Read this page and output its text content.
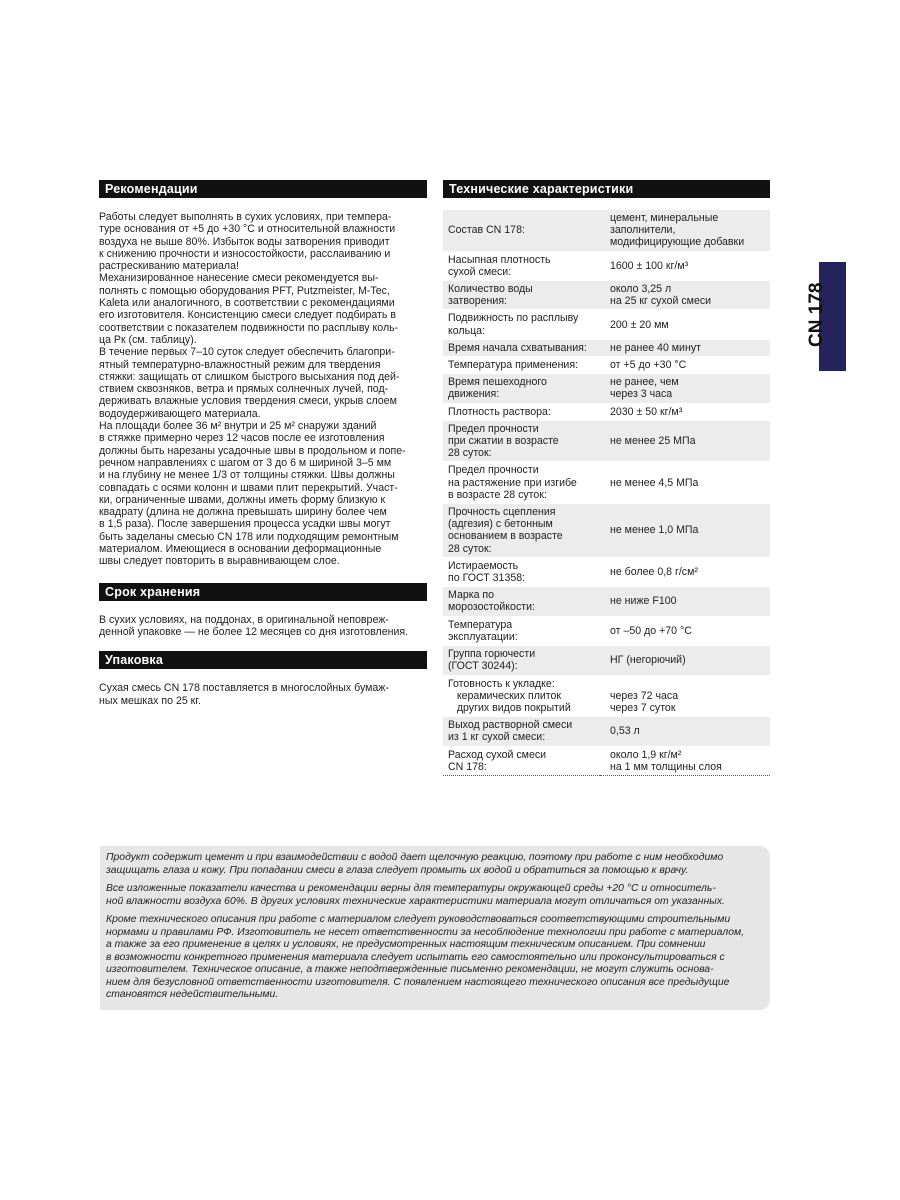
CN 178
Рекомендации

Работы следует выполнять в сухих условиях, при темпера-
туре основания от +5 до +30 °С и относительной влажности
воздуха не выше 80%. Избыток воды затворения приводит
к снижению прочности и износостойкости, расслаиванию и
растрескиванию материала!

Механизированное нанесение смеси рекомендуется вы-
полнять с помощью оборудования PFT, Putzmeister, M-Tec,
Kaleta или аналогичного, в соответствии с рекомендациями
его изготовителя. Консистенцию смеси следует подбирать в
соответствии с показателем подвижности по расплыву коль-
ца Рк (см. таблицу).

В течение первых 7–10 суток следует обеспечить благопри-
ятный температурно-влажностный режим для твердения
стяжки: защищать от слишком быстрого высыхания под дей-
ствием сквозняков, ветра и прямых солнечных лучей, под-
держивать влажные условия твердения смеси, укрыв слоем
водоудерживающего материала.

На площади более 36 м² внутри и 25 м² снаружи зданий
в стяжке примерно через 12 часов после ее изготовления
должны быть нарезаны усадочные швы в продольном и попе-
речном направлениях с шагом от 3 до 6 м шириной 3–5 мм
и на глубину не менее 1/3 от толщины стяжки. Швы должны
совпадать с осями колонн и швами плит перекрытий. Участ-
ки, ограниченные швами, должны иметь форму близкую к
квадрату (длина не должна превышать ширину более чем
в 1,5 раза). После завершения процесса усадки швы могут
быть заделаны смесью CN 178 или подходящим ремонтным
материалом. Имеющиеся в основании деформационные
швы следует повторить в выравнивающем слое.

Срок хранения
В сухих условиях, на поддонах, в оригинальной неповреж-
денной упаковке — не более 12 месяцев со дня изготовления.
Упаковка
Сухая смесь CN 178 поставляется в многослойных бумаж-
ных мешках по 25 кг.
Технические характеристики
Состав CN 178:	цемент, минеральные
заполнители,
модифицирующие добавки

Насыпная плотность
сухой смеси:	1600 ± 100 кг/м³

Количество воды
затворения:	около 3,25 л
на 25 кг сухой смеси

Подвижность по расплыву
кольца:	200 ± 20 мм

Время начала схватывания:	не ранее 40 минут

Температура применения:	от +5 до +30 °С

Время пешеходного
движения:	не ранее, чем
через 3 часа

Плотность раствора:	2030 ± 50 кг/м³

Предел прочности
при сжатии в возрасте
28 суток:	не менее 25 МПа

Предел прочности
на растяжение при изгибе
в возрасте 28 суток:	не менее 4,5 МПа

Прочность сцепления
(адгезия) с бетонным
основанием в возрасте
28 суток:	не менее 1,0 МПа

Истираемость
по ГОСТ 31358:	не более 0,8 г/см²

Марка по
морозостойкости:	не ниже F100

Температура
эксплуатации:	от –50 до +70 °С

Группа горючести
(ГОСТ 30244):	НГ (негорючий)

Готовность к укладке:
керамических плиток
других видов покрытий	через 72 часа
через 7 суток

Выход растворной смеси
из 1 кг сухой смеси:	0,53 л

Расход сухой смеси
CN 178:	около 1,9 кг/м²
на 1 мм толщины слоя

Продукт содержит цемент и при взаимодействии с водой дает щелочную реакцию, поэтому при работе с ним необходимо
защищать глаза и кожу. При попадании смеси в глаза следует промыть их водой и обратиться за помощью к врачу.

Все изложенные показатели качества и рекомендации верны для температуры окружающей среды +20 °С и относитель-
ной влажности воздуха 60%. В других условиях технические характеристики материала могут отличаться от указанных.

Кроме технического описания при работе с материалом следует руководствоваться соответствующими строительными
нормами и правилами РФ. Изготовитель не несет ответственности за несоблюдение технологии при работе с материалом,
а также за его применение в целях и условиях, не предусмотренных настоящим техническим описанием. При сомнении
в возможности конкретного применения материала следует испытать его самостоятельно или проконсультироваться с
изготовителем. Техническое описание, а также неподтвержденные письменно рекомендации, не могут служить основа-
нием для безусловной ответственности изготовителя. С появлением настоящего технического описания все предыдущие
становятся недействительными.
